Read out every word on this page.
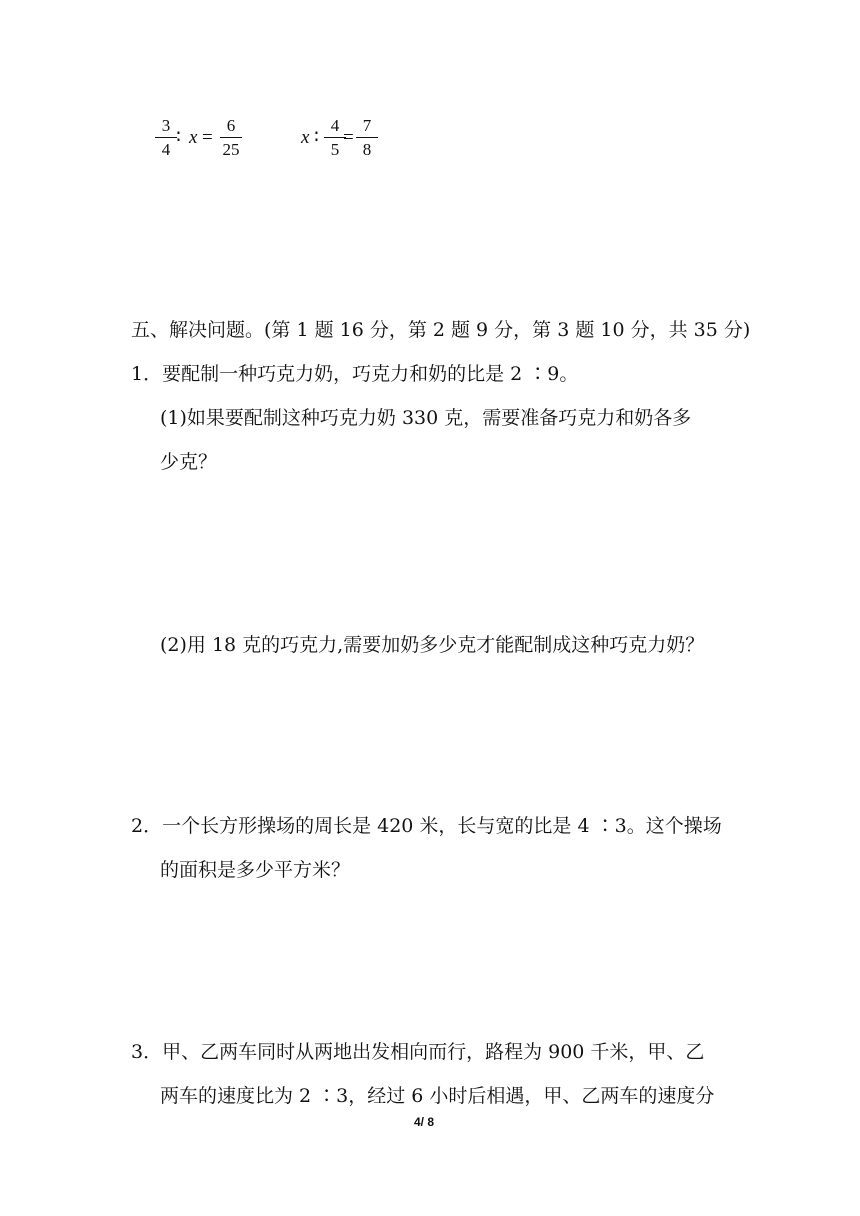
3
4
∶ x =
6
25
x ∶
4
5
=
7
8
五、解决问题。(第 1 题 16 分，第 2 题 9 分，第 3 题 10 分，共 35 分)
1．要配制一种巧克力奶，巧克力和奶的比是 2 ∶9。
(1)如果要配制这种巧克力奶 330 克，需要准备巧克力和奶各多
少克？
(2)用 18 克的巧克力,需要加奶多少克才能配制成这种巧克力奶？
2．一个长方形操场的周长是 420 米，长与宽的比是 4 ∶3。这个操场
的面积是多少平方米？
3．甲、乙两车同时从两地出发相向而行，路程为 900 千米，甲、乙
两车的速度比为 2 ∶3，经过 6 小时后相遇，甲、乙两车的速度分
4/ 8
